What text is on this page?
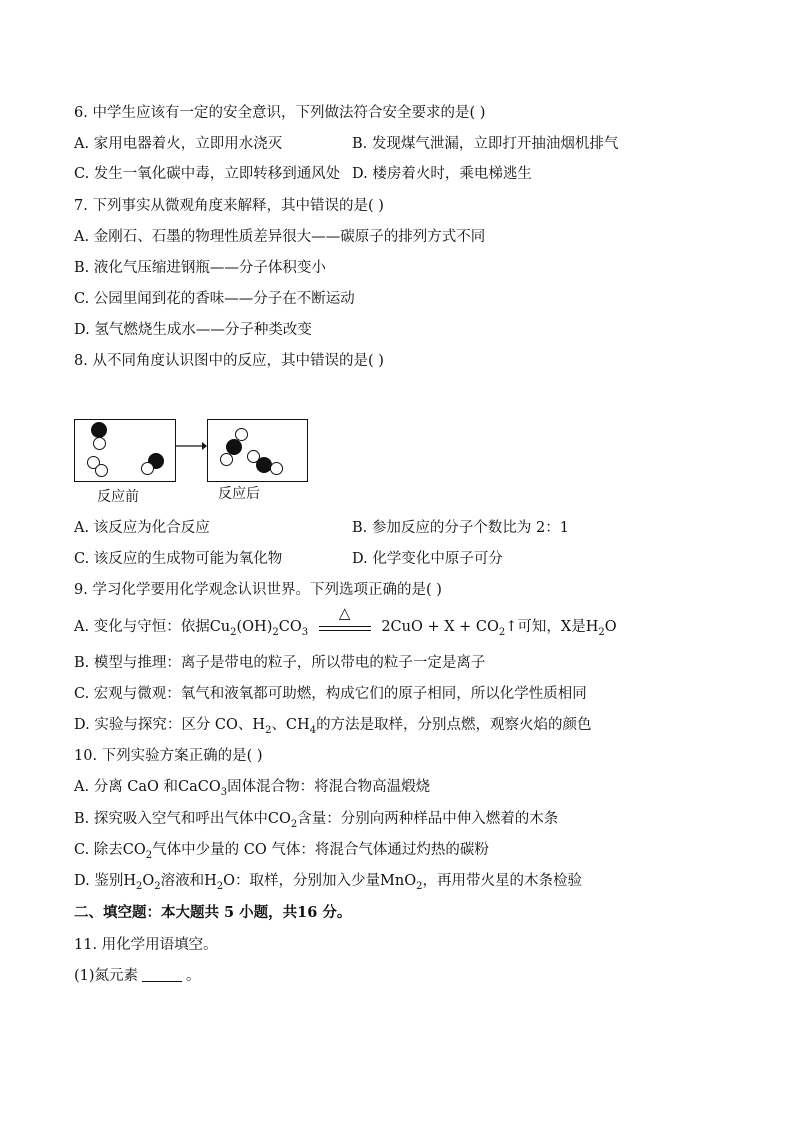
6. 中学生应该有一定的安全意识，下列做法符合安全要求的是( )
A. 家用电器着火，立即用水浇灭	B. 发现煤气泄漏，立即打开抽油烟机排气
C. 发生一氧化碳中毒，立即转移到通风处 D. 楼房着火时，乘电梯逃生
7. 下列事实从微观角度来解释，其中错误的是( )
A. 金刚石、石墨的物理性质差异很大——碳原子的排列方式不同
B. 液化气压缩进钢瓶——分子体积变小
C. 公园里闻到花的香味——分子在不断运动
D. 氢气燃烧生成水——分子种类改变
8. 从不同角度认识图中的反应，其中错误的是( )
反应前	反应后
A. 该反应为化合反应	B. 参加反应的分子个数比为 2：1
C. 该反应的生成物可能为氧化物	D. 化学变化中原子可分
9. 学习化学要用化学观念认识世界。下列选项正确的是( )
A. 变化与守恒：依据$Cu_2(OH)_2CO_3$
△
$2CuO + X + CO_2↑$可知，X是$H_2O$
B. 模型与推理：离子是带电的粒子，所以带电的粒子一定是离子
C. 宏观与微观：氧气和液氧都可助燃，构成它们的原子相同，所以化学性质相同
D. 实验与探究：区分 CO、$H_2$、$CH_4$的方法是取样，分别点燃，观察火焰的颜色
10. 下列实验方案正确的是( )
A. 分离 CaO 和CaCO$_3$固体混合物：将混合物高温煅烧
B. 探究吸入空气和呼出气体中$CO_2$含量：分别向两种样品中伸入燃着的木条
C. 除去$CO_2$气体中少量的 CO 气体：将混合气体通过灼热的碳粉
D. 鉴别$H_2O_2$溶液和$H_2O$：取样，分别加入少量MnO$_2$，再用带火星的木条检验
二、填空题：本大题共 5 小题，共16 分。
11. 用化学用语填空。
(1)氮元素	。
